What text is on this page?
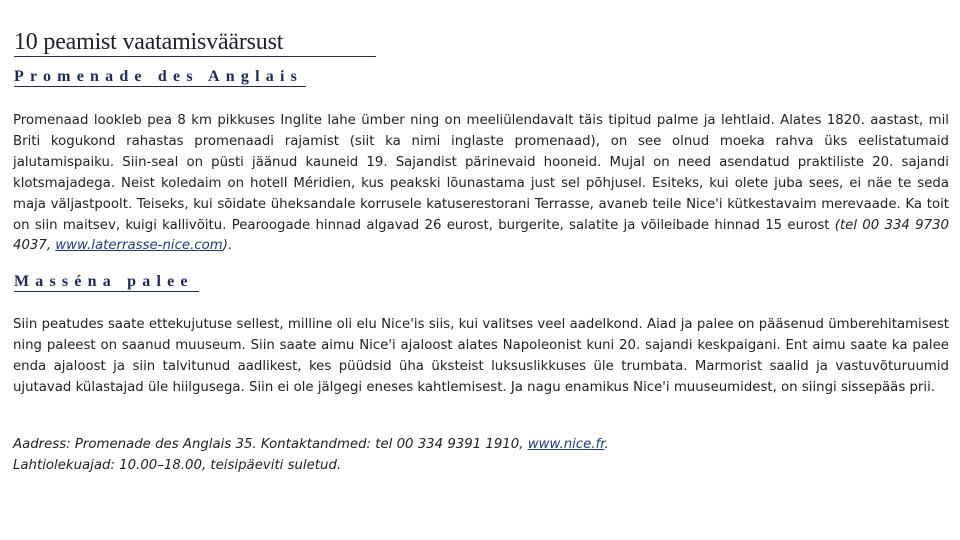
10 peamist vaatamisväärsust
Promenade des Anglais
Promenaad lookleb pea 8 km pikkuses Inglite lahe ümber ning on meeliülendavalt täis tipitud palme ja lehtlaid. Alates 1820. aastast, mil Briti kogukond rahastas promenaadi rajamist (siit ka nimi inglaste promenaad), on see olnud moeka rahva üks eelistatumaid jalutamispaiku. Siin-seal on püsti jäänud kauneid 19. Sajandist pärinevaid hooneid. Mujal on need asendatud praktiliste 20. sajandi klotsmajadega. Neist koledaim on hotell Méridien, kus peakski lõunastama just sel põhjusel. Esiteks, kui olete juba sees, ei näe te seda maja väljastpoolt. Teiseks, kui sõidate üheksandale korrusele katuserestorani Terrasse, avaneb teile Nice'i kütkestavaim merevaade. Ka toit on siin maitsev, kuigi kallivõitu. Pearoogade hinnad algavad 26 eurost, burgerite, salatite ja võileibade hinnad 15 eurost (tel 00 334 9730 4037, www.laterrasse-nice.com).
Masséna palee
Siin peatudes saate ettekujutuse sellest, milline oli elu Nice'is siis, kui valitses veel aadelkond. Aiad ja palee on pääsenud ümberehitamisest ning paleest on saanud muuseum. Siin saate aimu Nice'i ajaloost alates Napoleonist kuni 20. sajandi keskpaigani. Ent aimu saate ka palee enda ajaloost ja siin talvitunud aadlikest, kes püüdsid üha üksteist luksuslikkuses üle trumbata. Marmorist saalid ja vastuvõturuumid ujutavad külastajad üle hiilgusega. Siin ei ole jälgegi eneses kahtlemisest. Ja nagu enamikus Nice'i muuseumidest, on siingi sissepääs prii.
Aadress: Promenade des Anglais 35. Kontaktandmed: tel 00 334 9391 1910, www.nice.fr.
Lahtiolekuajad: 10.00–18.00, teisipäeviti suletud.
